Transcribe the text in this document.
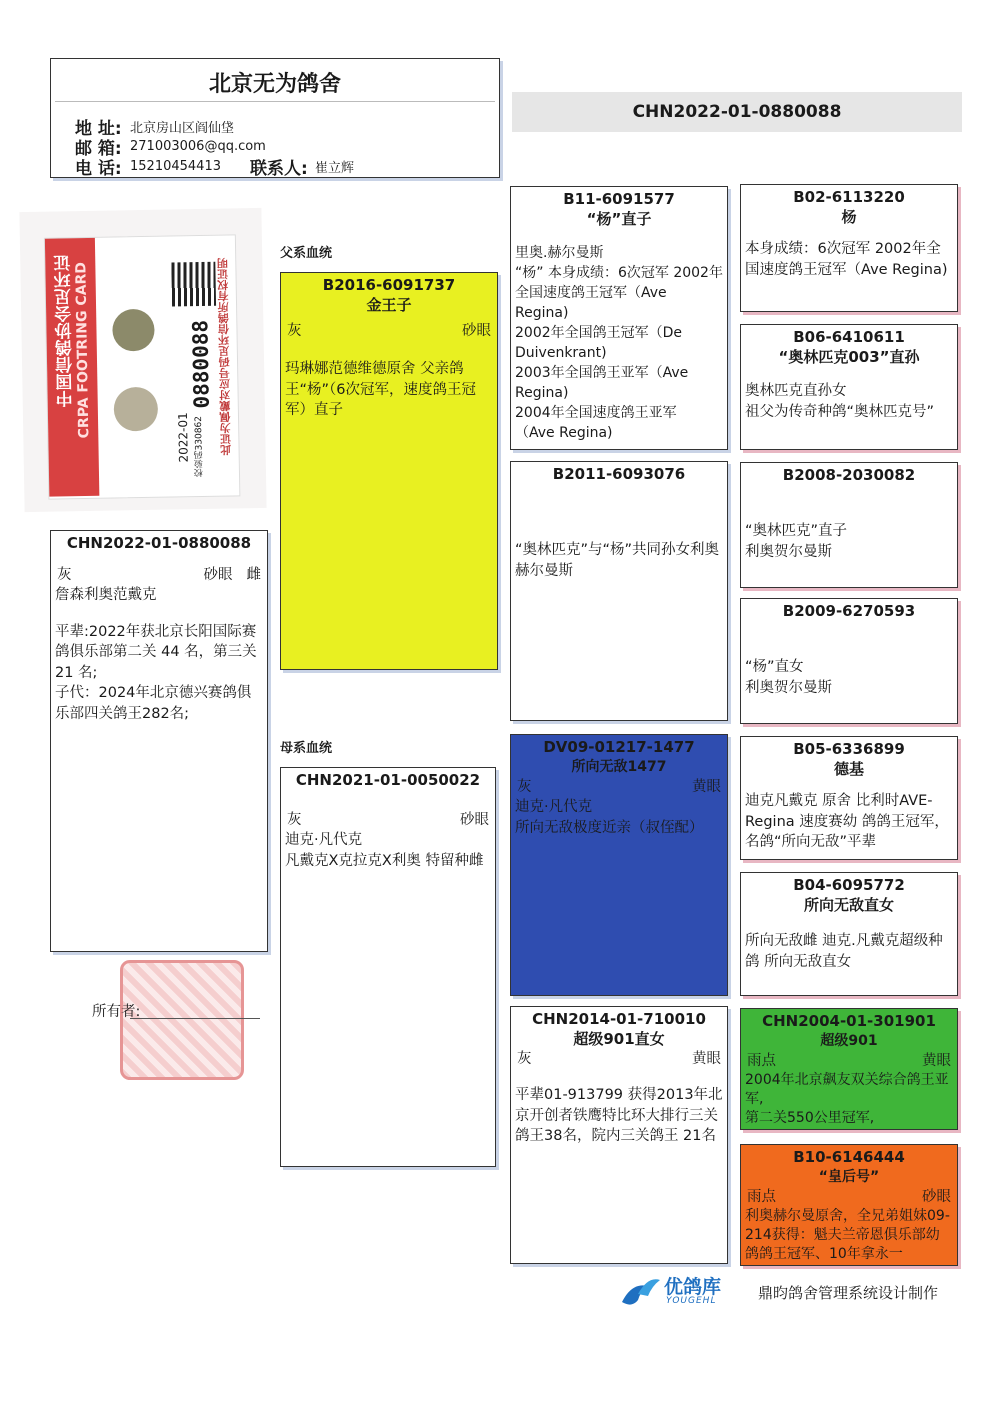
北京无为鸽舍
地 址: 北京房山区阎仙垡
邮 箱: 271003006@qq.com
电 话: 15210454413	联系人: 崔立辉
CHN2022-01-0880088
中国信鸽协会足环证
CRPA FOOTRING CARD	0880088
2022-01 校验码330862 此证为佩戴对应号码足环信鸽所有权证明
CHN2022-01-0880088
灰	砂眼 雌
詹森利奥范戴克
平辈:2022年获北京长阳国际赛鸽俱乐部第二关 44 名，第三关21 名;
子代：2024年北京德兴赛鸽俱乐部四关鸽王282名;
所有者:
父系血统
母系血统
B2016-6091737
金王子
灰	砂眼
玛琳娜范德维德原舍 父亲鸽王“杨”（6次冠军，速度鸽王冠军）直子
CHN2021-01-0050022
灰	砂眼
迪克·凡代克
凡戴克X克拉克X利奥 特留种雌
B11-6091577
“杨”直子
里奥.赫尔曼斯
“杨” 本身成绩：6次冠军 2002年全国速度鸽王冠军（Ave Regina)
2002年全国鸽王冠军（De Duivenkrant)
2003年全国鸽王亚军（Ave Regina)
2004年全国速度鸽王亚军
（Ave Regina)
B2011-6093076
“奥林匹克”与“杨”共同孙女利奥赫尔曼斯
DV09-01217-1477
所向无敌1477
灰	黄眼
迪克·凡代克
所向无敌极度近亲（叔侄配）
CHN2014-01-710010
超级901直女
灰	黄眼
平辈01-913799 获得2013年北京开创者铁鹰特比环大排行三关鸽王38名，院内三关鸽王 21名
B02-6113220
杨
本身成绩：6次冠军 2002年全国速度鸽王冠军（Ave Regina)
B06-6410611
“奥林匹克003”直孙
奥林匹克直孙女
祖父为传奇种鸽“奥林匹克号”
B2008-2030082
“奥林匹克”直子
利奥贺尔曼斯
B2009-6270593
“杨”直女
利奥贺尔曼斯
B05-6336899
德基
迪克凡戴克 原舍 比利时AVE-Regina 速度赛幼 鸽鸽王冠军，名鸽“所向无敌”平辈
B04-6095772
所向无敌直女
所向无敌雌 迪克.凡戴克超级种鸽 所向无敌直女
CHN2004-01-301901
超级901
雨点	黄眼
2004年北京飙友双关综合鸽王亚军,
第二关550公里冠军,
B10-6146444
“皇后号”
雨点	砂眼
利奥赫尔曼原舍，全兄弟姐妹09-214获得：魁夫兰帝恩俱乐部幼鸽鸽王冠军、10年拿永一
优鸽库
YOUGEHL	鼎昀鸽舍管理系统设计制作
